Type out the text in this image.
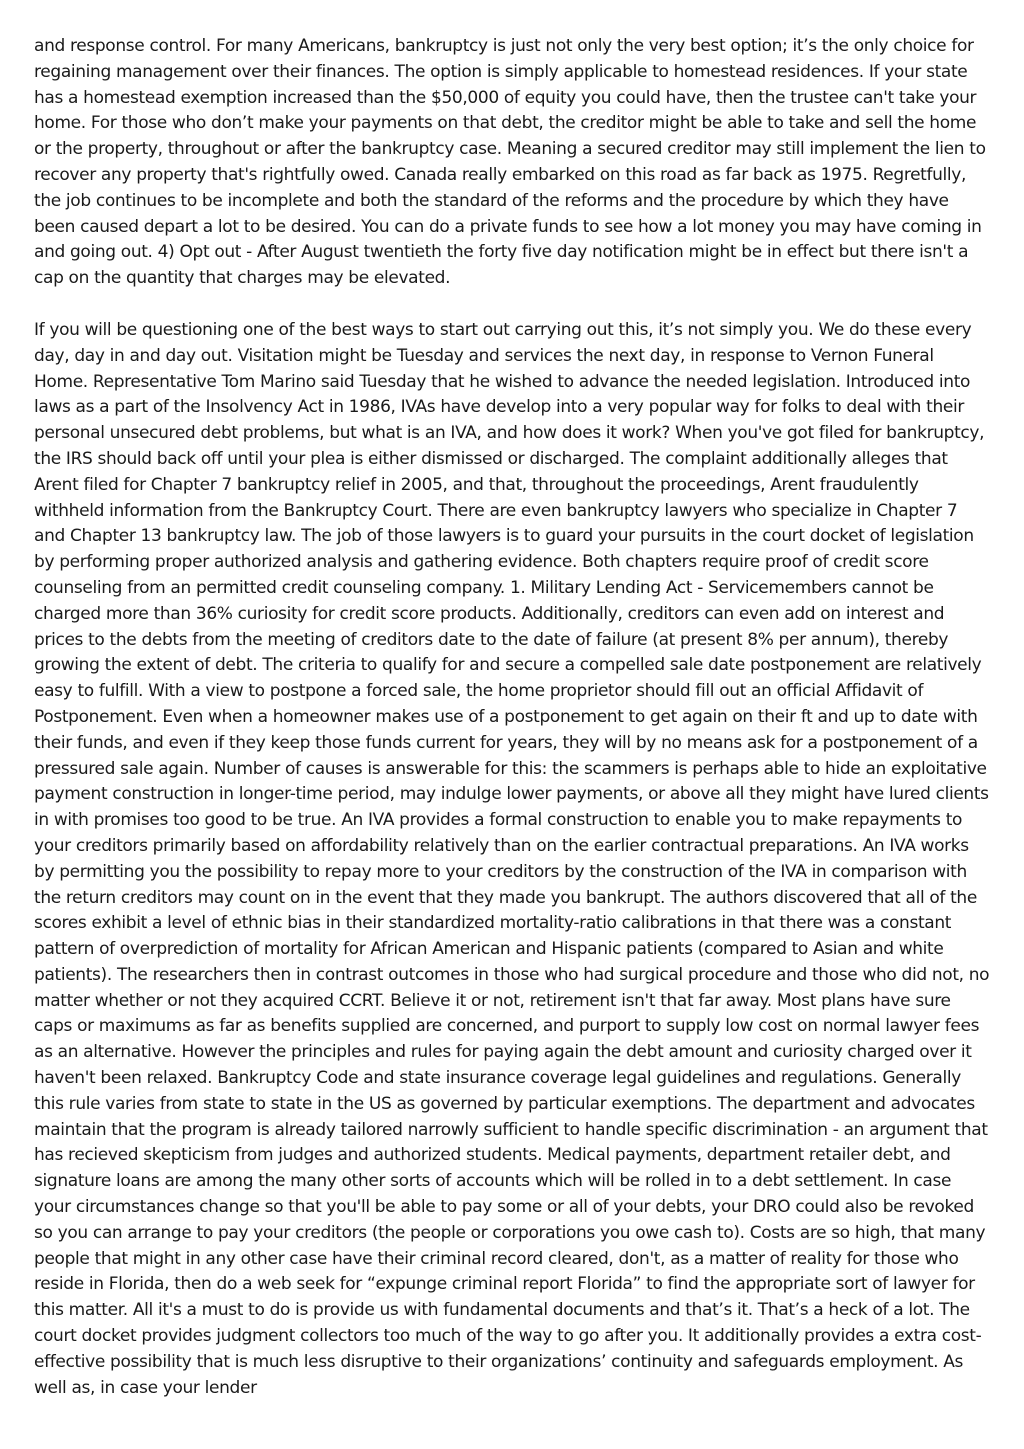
and response control. For many Americans, bankruptcy is just not only the very best option; it’s the only choice for regaining management over their finances. The option is simply applicable to homestead residences. If your state has a homestead exemption increased than the $50,000 of equity you could have, then the trustee can't take your home. For those who don’t make your payments on that debt, the creditor might be able to take and sell the home or the property, throughout or after the bankruptcy case. Meaning a secured creditor may still implement the lien to recover any property that's rightfully owed. Canada really embarked on this road as far back as 1975. Regretfully, the job continues to be incomplete and both the standard of the reforms and the procedure by which they have been caused depart a lot to be desired. You can do a private funds to see how a lot money you may have coming in and going out. 4) Opt out - After August twentieth the forty five day notification might be in effect but there isn't a cap on the quantity that charges may be elevated.

If you will be questioning one of the best ways to start out carrying out this, it’s not simply you. We do these every day, day in and day out. Visitation might be Tuesday and services the next day, in response to Vernon Funeral Home. Representative Tom Marino said Tuesday that he wished to advance the needed legislation. Introduced into laws as a part of the Insolvency Act in 1986, IVAs have develop into a very popular way for folks to deal with their personal unsecured debt problems, but what is an IVA, and how does it work? When you've got filed for bankruptcy, the IRS should back off until your plea is either dismissed or discharged. The complaint additionally alleges that Arent filed for Chapter 7 bankruptcy relief in 2005, and that, throughout the proceedings, Arent fraudulently withheld information from the Bankruptcy Court. There are even bankruptcy lawyers who specialize in Chapter 7 and Chapter 13 bankruptcy law. The job of those lawyers is to guard your pursuits in the court docket of legislation by performing proper authorized analysis and gathering evidence. Both chapters require proof of credit score counseling from an permitted credit counseling company. 1. Military Lending Act - Servicemembers cannot be charged more than 36% curiosity for credit score products. Additionally, creditors can even add on interest and prices to the debts from the meeting of creditors date to the date of failure (at present 8% per annum), thereby growing the extent of debt. The criteria to qualify for and secure a compelled sale date postponement are relatively easy to fulfill. With a view to postpone a forced sale, the home proprietor should fill out an official Affidavit of Postponement. Even when a homeowner makes use of a postponement to get again on their ft and up to date with their funds, and even if they keep those funds current for years, they will by no means ask for a postponement of a pressured sale again. Number of causes is answerable for this: the scammers is perhaps able to hide an exploitative payment construction in longer-time period, may indulge lower payments, or above all they might have lured clients in with promises too good to be true. An IVA provides a formal construction to enable you to make repayments to your creditors primarily based on affordability relatively than on the earlier contractual preparations. An IVA works by permitting you the possibility to repay more to your creditors by the construction of the IVA in comparison with the return creditors may count on in the event that they made you bankrupt. The authors discovered that all of the scores exhibit a level of ethnic bias in their standardized mortality-ratio calibrations in that there was a constant pattern of overprediction of mortality for African American and Hispanic patients (compared to Asian and white patients). The researchers then in contrast outcomes in those who had surgical procedure and those who did not, no matter whether or not they acquired CCRT. Believe it or not, retirement isn't that far away. Most plans have sure caps or maximums as far as benefits supplied are concerned, and purport to supply low cost on normal lawyer fees as an alternative. However the principles and rules for paying again the debt amount and curiosity charged over it haven't been relaxed. Bankruptcy Code and state insurance coverage legal guidelines and regulations. Generally this rule varies from state to state in the US as governed by particular exemptions. The department and advocates maintain that the program is already tailored narrowly sufficient to handle specific discrimination - an argument that has recieved skepticism from judges and authorized students. Medical payments, department retailer debt, and signature loans are among the many other sorts of accounts which will be rolled in to a debt settlement. In case your circumstances change so that you'll be able to pay some or all of your debts, your DRO could also be revoked so you can arrange to pay your creditors (the people or corporations you owe cash to). Costs are so high, that many people that might in any other case have their criminal record cleared, don't, as a matter of reality for those who reside in Florida, then do a web seek for “expunge criminal report Florida” to find the appropriate sort of lawyer for this matter. All it's a must to do is provide us with fundamental documents and that’s it. That’s a heck of a lot. The court docket provides judgment collectors too much of the way to go after you. It additionally provides a extra cost-effective possibility that is much less disruptive to their organizations’ continuity and safeguards employment. As well as, in case your lender
